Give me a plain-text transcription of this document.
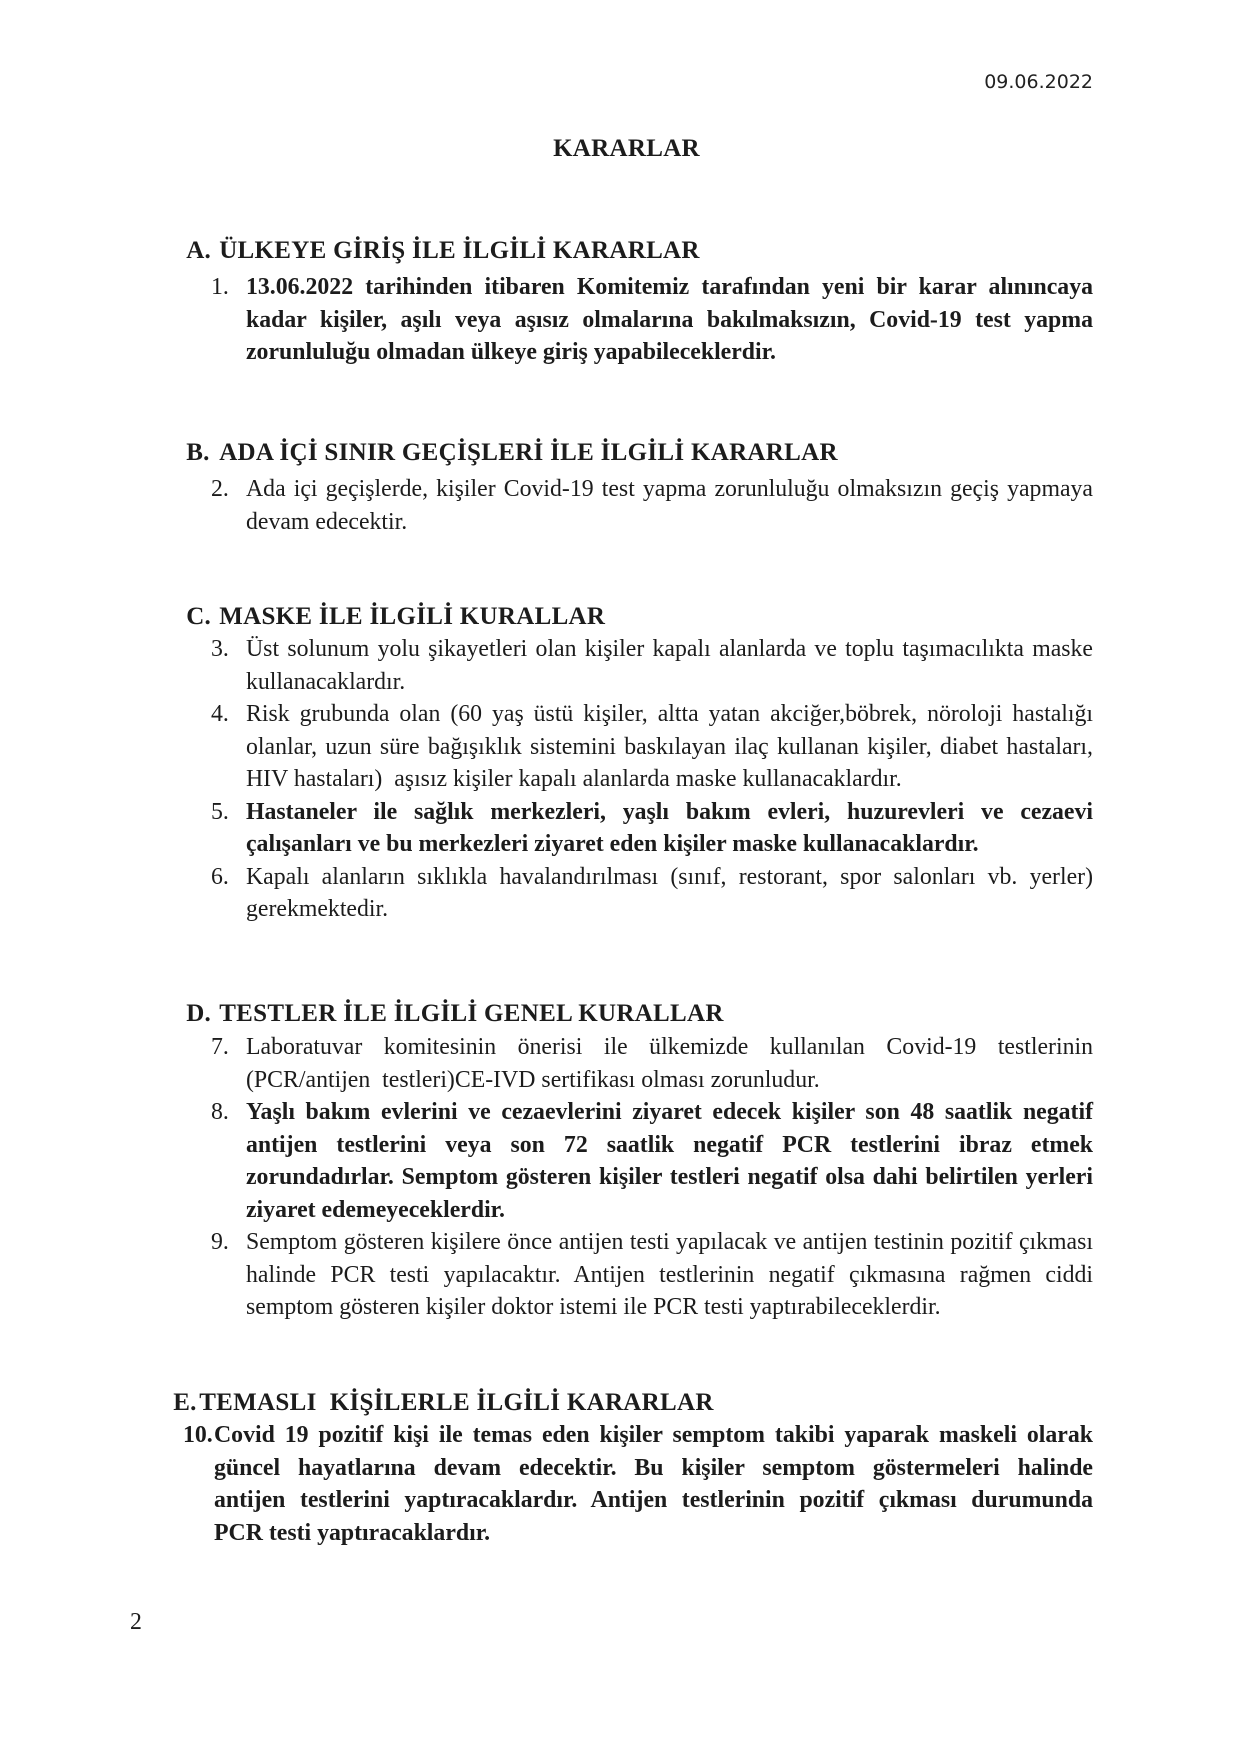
09.06.2022
KARARLAR

A. ÜLKEYE GİRİŞ İLE İLGİLİ KARARLAR

1. 13.06.2022 tarihinden itibaren Komitemiz tarafından yeni bir karar alınıncaya
kadar kişiler, aşılı veya aşısız olmalarına bakılmaksızın, Covid-19 test yapma
zorunluluğu olmadan ülkeye giriş yapabileceklerdir.

B. ADA İÇİ SINIR GEÇİŞLERİ İLE İLGİLİ KARARLAR

2. Ada içi geçişlerde, kişiler Covid-19 test yapma zorunluluğu olmaksızın geçiş yapmaya
devam edecektir.

C. MASKE İLE İLGİLİ KURALLAR

3. Üst solunum yolu şikayetleri olan kişiler kapalı alanlarda ve toplu taşımacılıkta maske
kullanacaklardır.
4. Risk grubunda olan (60 yaş üstü kişiler, altta yatan akciğer,böbrek, nöroloji hastalığı
olanlar, uzun süre bağışıklık sistemini baskılayan ilaç kullanan kişiler, diabet hastaları,
HIV hastaları)  aşısız kişiler kapalı alanlarda maske kullanacaklardır.
5. Hastaneler ile sağlık merkezleri, yaşlı bakım evleri, huzurevleri ve cezaevi
çalışanları ve bu merkezleri ziyaret eden kişiler maske kullanacaklardır.
6. Kapalı alanların sıklıkla havalandırılması (sınıf, restorant, spor salonları vb. yerler)
gerekmektedir.

D. TESTLER İLE İLGİLİ GENEL KURALLAR

7. Laboratuvar komitesinin önerisi ile ülkemizde kullanılan Covid-19 testlerinin
(PCR/antijen  testleri)CE-IVD sertifikası olması zorunludur.
8. Yaşlı bakım evlerini ve cezaevlerini ziyaret edecek kişiler son 48 saatlik negatif
antijen testlerini veya son 72 saatlik negatif PCR testlerini ibraz etmek
zorundadırlar. Semptom gösteren kişiler testleri negatif olsa dahi belirtilen yerleri
ziyaret edemeyeceklerdir.
9. Semptom gösteren kişilere önce antijen testi yapılacak ve antijen testinin pozitif çıkması
halinde PCR testi yapılacaktır. Antijen testlerinin negatif çıkmasına rağmen ciddi
semptom gösteren kişiler doktor istemi ile PCR testi yaptırabileceklerdir.

E.TEMASLI  KİŞİLERLE İLGİLİ KARARLAR

10. Covid 19 pozitif kişi ile temas eden kişiler semptom takibi yaparak maskeli olarak
güncel hayatlarına devam edecektir. Bu kişiler semptom göstermeleri halinde
antijen testlerini yaptıracaklardır. Antijen testlerinin pozitif çıkması durumunda
PCR testi yaptıracaklardır.
2
